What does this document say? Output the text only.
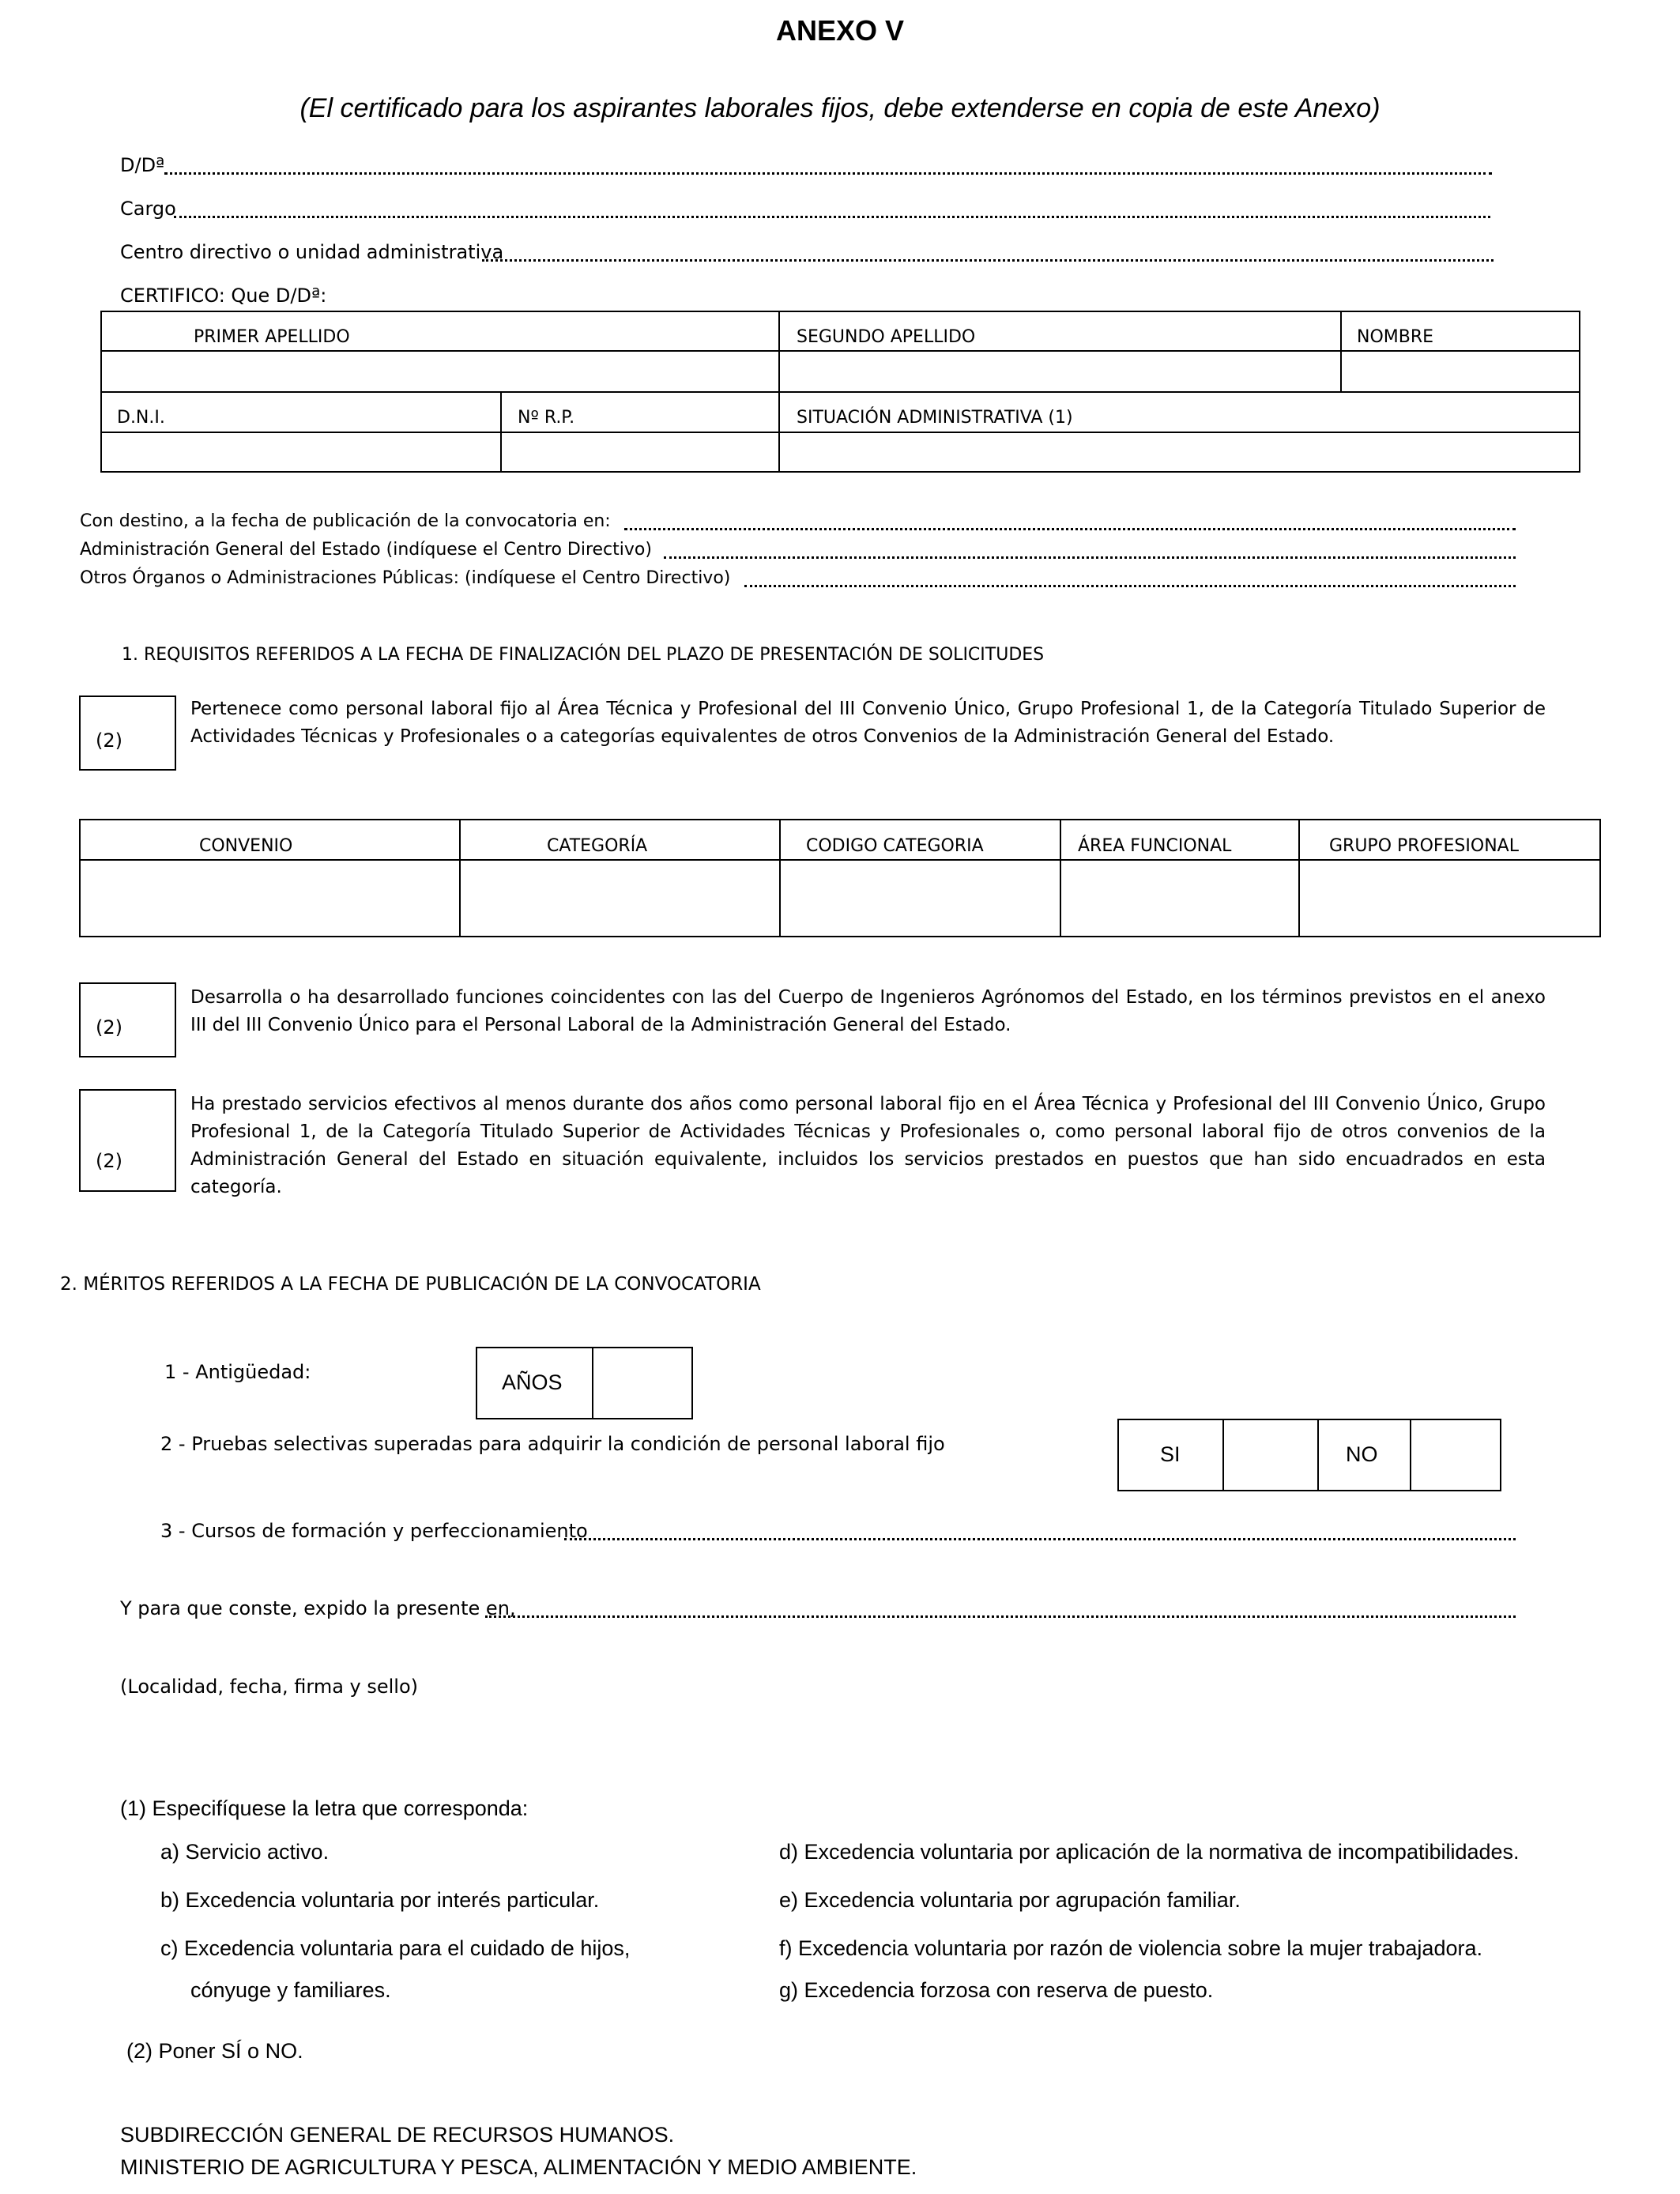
ANEXO V
(El certificado para los aspirantes laborales fijos, debe extenderse en copia de este Anexo)
D/Dª
Cargo
Centro directivo o unidad administrativa
CERTIFICO: Que D/Dª:
PRIMER APELLIDO	SEGUNDO APELLIDO	NOMBRE
D.N.I.	Nº R.P.	SITUACIÓN ADMINISTRATIVA (1)
Con destino, a la fecha de publicación de la convocatoria en:
Administración General del Estado (indíquese el Centro Directivo)
Otros Órganos o Administraciones Públicas: (indíquese el Centro Directivo)
1. REQUISITOS REFERIDOS A LA FECHA DE FINALIZACIÓN DEL PLAZO DE PRESENTACIÓN DE SOLICITUDES
(2)
Pertenece como personal laboral fijo al Área Técnica y Profesional del III Convenio Único, Grupo Profesional 1, de la Categoría Titulado Superior de Actividades Técnicas y Profesionales o a categorías equivalentes de otros Convenios de la Administración General del Estado.
CONVENIO	CATEGORÍA	CODIGO CATEGORIA	ÁREA FUNCIONAL	GRUPO PROFESIONAL
(2)
Desarrolla o ha desarrollado funciones coincidentes con las del Cuerpo de Ingenieros Agrónomos del Estado, en los términos previstos en el anexo III del III Convenio Único para el Personal Laboral de la Administración General del Estado.
(2)
Ha prestado servicios efectivos al menos durante dos años como personal laboral fijo en el Área Técnica y Profesional del III Convenio Único, Grupo Profesional 1, de la Categoría Titulado Superior de Actividades Técnicas y Profesionales o, como personal laboral fijo de otros convenios de la Administración General del Estado en situación equivalente, incluidos los servicios prestados en puestos que han sido encuadrados en esta categoría.
2. MÉRITOS REFERIDOS A LA FECHA DE PUBLICACIÓN DE LA CONVOCATORIA
1 - Antigüedad:	AÑOS
2 - Pruebas selectivas superadas para adquirir la condición de personal laboral fijo	SI	NO
3 - Cursos de formación y perfeccionamiento
Y para que conste, expido la presente en,
(Localidad, fecha, firma y sello)
(1) Especifíquese la letra que corresponda:
a) Servicio activo.
b) Excedencia voluntaria por interés particular.
c) Excedencia voluntaria para el cuidado de hijos,
cónyuge y familiares.
d) Excedencia voluntaria por aplicación de la normativa de incompatibilidades.
e) Excedencia voluntaria por agrupación familiar.
f) Excedencia voluntaria por razón de violencia sobre la mujer trabajadora.
g) Excedencia forzosa con reserva de puesto.
(2) Poner SÍ o NO.
SUBDIRECCIÓN GENERAL DE RECURSOS HUMANOS.
MINISTERIO DE AGRICULTURA Y PESCA, ALIMENTACIÓN Y MEDIO AMBIENTE.
